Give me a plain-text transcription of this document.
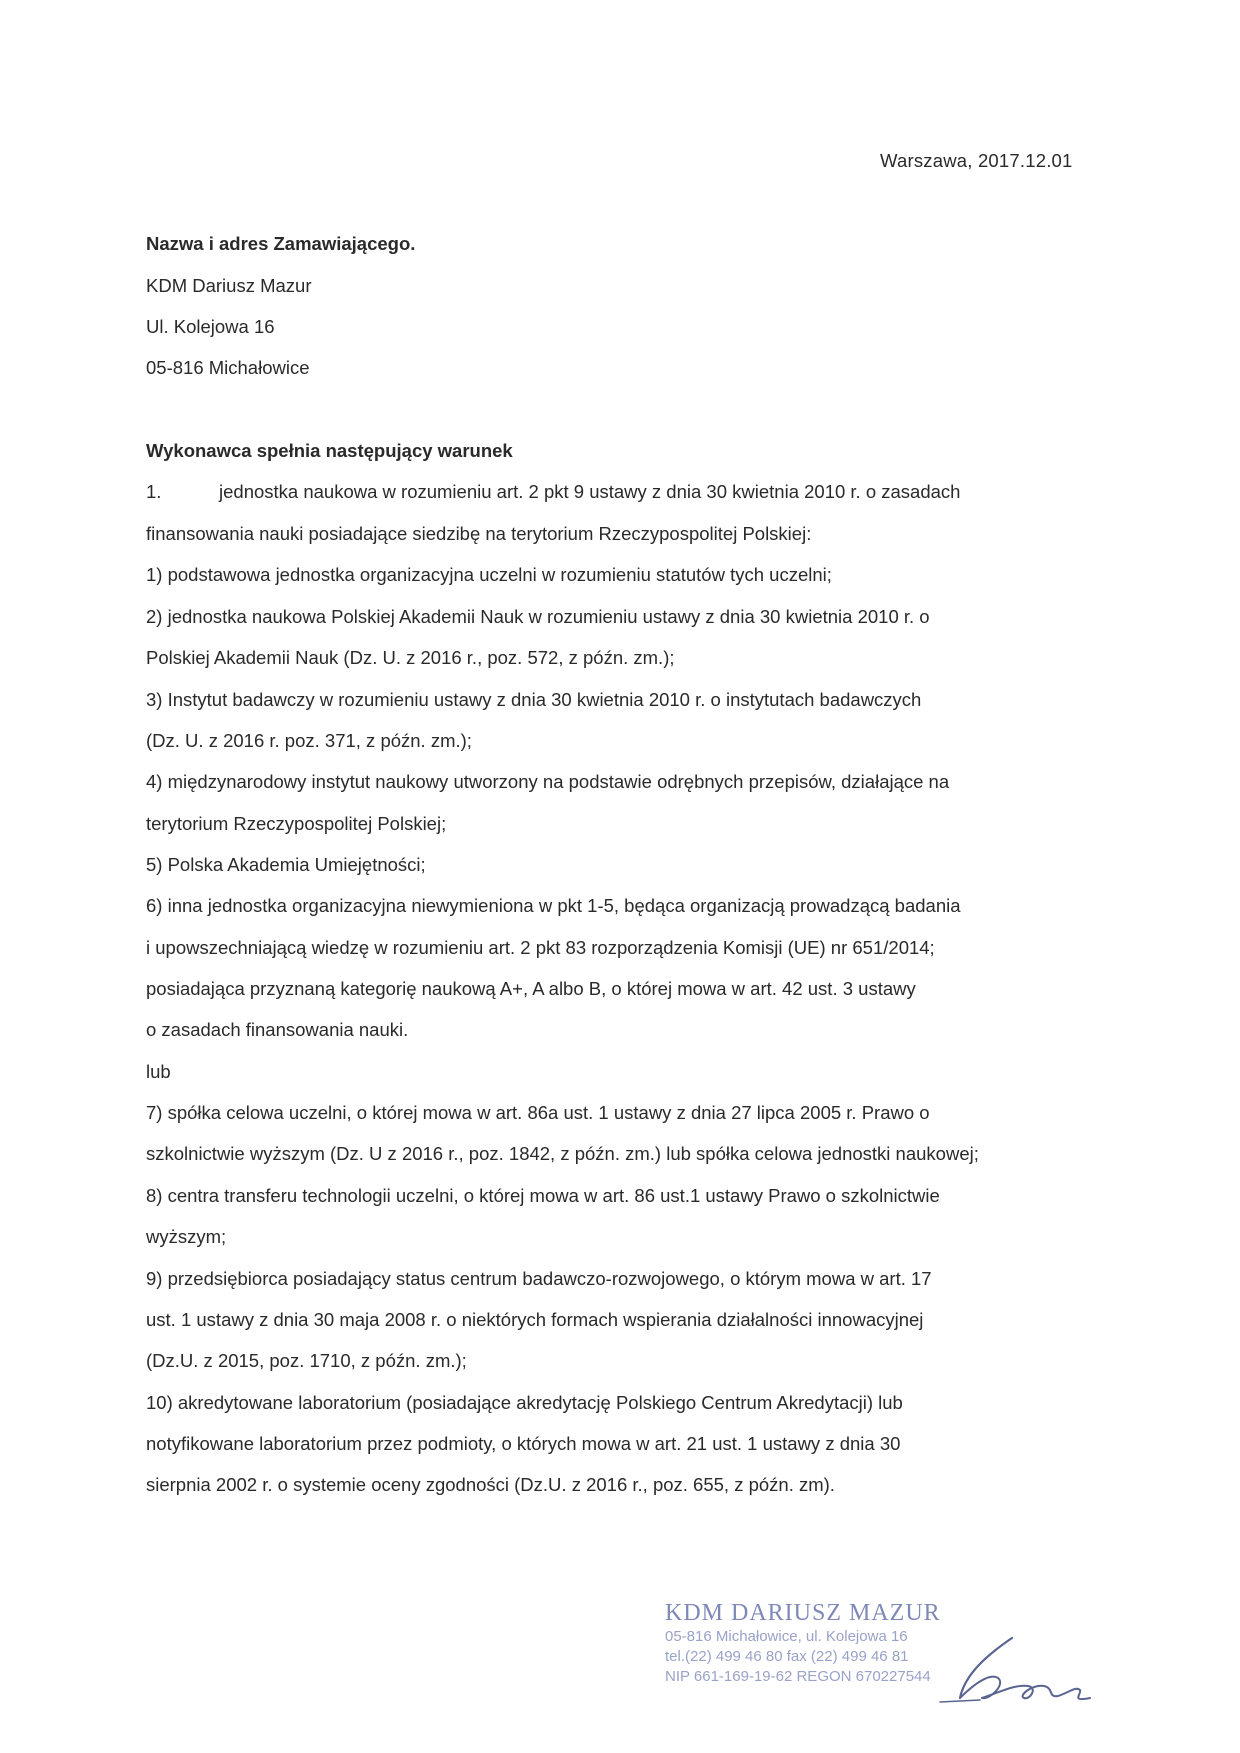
Warszawa, 2017.12.01
Nazwa i adres Zamawiającego.
KDM Dariusz Mazur
Ul. Kolejowa 16
05-816 Michałowice
Wykonawca spełnia następujący warunek
1.	jednostka naukowa w rozumieniu art. 2 pkt 9 ustawy z dnia 30 kwietnia 2010 r. o zasadach
finansowania nauki posiadające siedzibę na terytorium Rzeczypospolitej Polskiej:
1) podstawowa jednostka organizacyjna uczelni w rozumieniu statutów tych uczelni;
2) jednostka naukowa Polskiej Akademii Nauk w rozumieniu ustawy z dnia 30 kwietnia 2010 r. o
Polskiej Akademii Nauk (Dz. U. z 2016 r., poz. 572, z późn. zm.);
3) Instytut badawczy w rozumieniu ustawy z dnia 30 kwietnia 2010 r. o instytutach badawczych
(Dz. U. z 2016 r. poz. 371, z późn. zm.);
4) międzynarodowy instytut naukowy utworzony na podstawie odrębnych przepisów, działające na
terytorium Rzeczypospolitej Polskiej;
5) Polska Akademia Umiejętności;
6) inna jednostka organizacyjna niewymieniona w pkt 1-5, będąca organizacją prowadzącą badania
i upowszechniającą wiedzę w rozumieniu art. 2 pkt 83 rozporządzenia Komisji (UE) nr 651/2014;
posiadająca przyznaną kategorię naukową A+, A albo B, o której mowa w art. 42 ust. 3 ustawy
o zasadach finansowania nauki.
lub
7) spółka celowa uczelni, o której mowa w art. 86a ust. 1 ustawy z dnia 27 lipca 2005 r. Prawo o
szkolnictwie wyższym (Dz. U z 2016 r., poz. 1842, z późn. zm.) lub spółka celowa jednostki naukowej;
8) centra transferu technologii uczelni, o której mowa w art. 86 ust.1 ustawy Prawo o szkolnictwie
wyższym;
9) przedsiębiorca posiadający status centrum badawczo-rozwojowego, o którym mowa w art. 17
ust. 1 ustawy z dnia 30 maja 2008 r. o niektórych formach wspierania działalności innowacyjnej
(Dz.U. z 2015, poz. 1710, z późn. zm.);
10) akredytowane laboratorium (posiadające akredytację Polskiego Centrum Akredytacji) lub
notyfikowane laboratorium przez podmioty, o których mowa w art. 21 ust. 1 ustawy z dnia 30
sierpnia 2002 r. o systemie oceny zgodności (Dz.U. z 2016 r., poz. 655, z późn. zm).
KDM DARIUSZ MAZUR
05-816 Michałowice, ul. Kolejowa 16
tel.(22) 499 46 80 fax (22) 499 46 81
NIP 661-169-19-62 REGON 670227544
